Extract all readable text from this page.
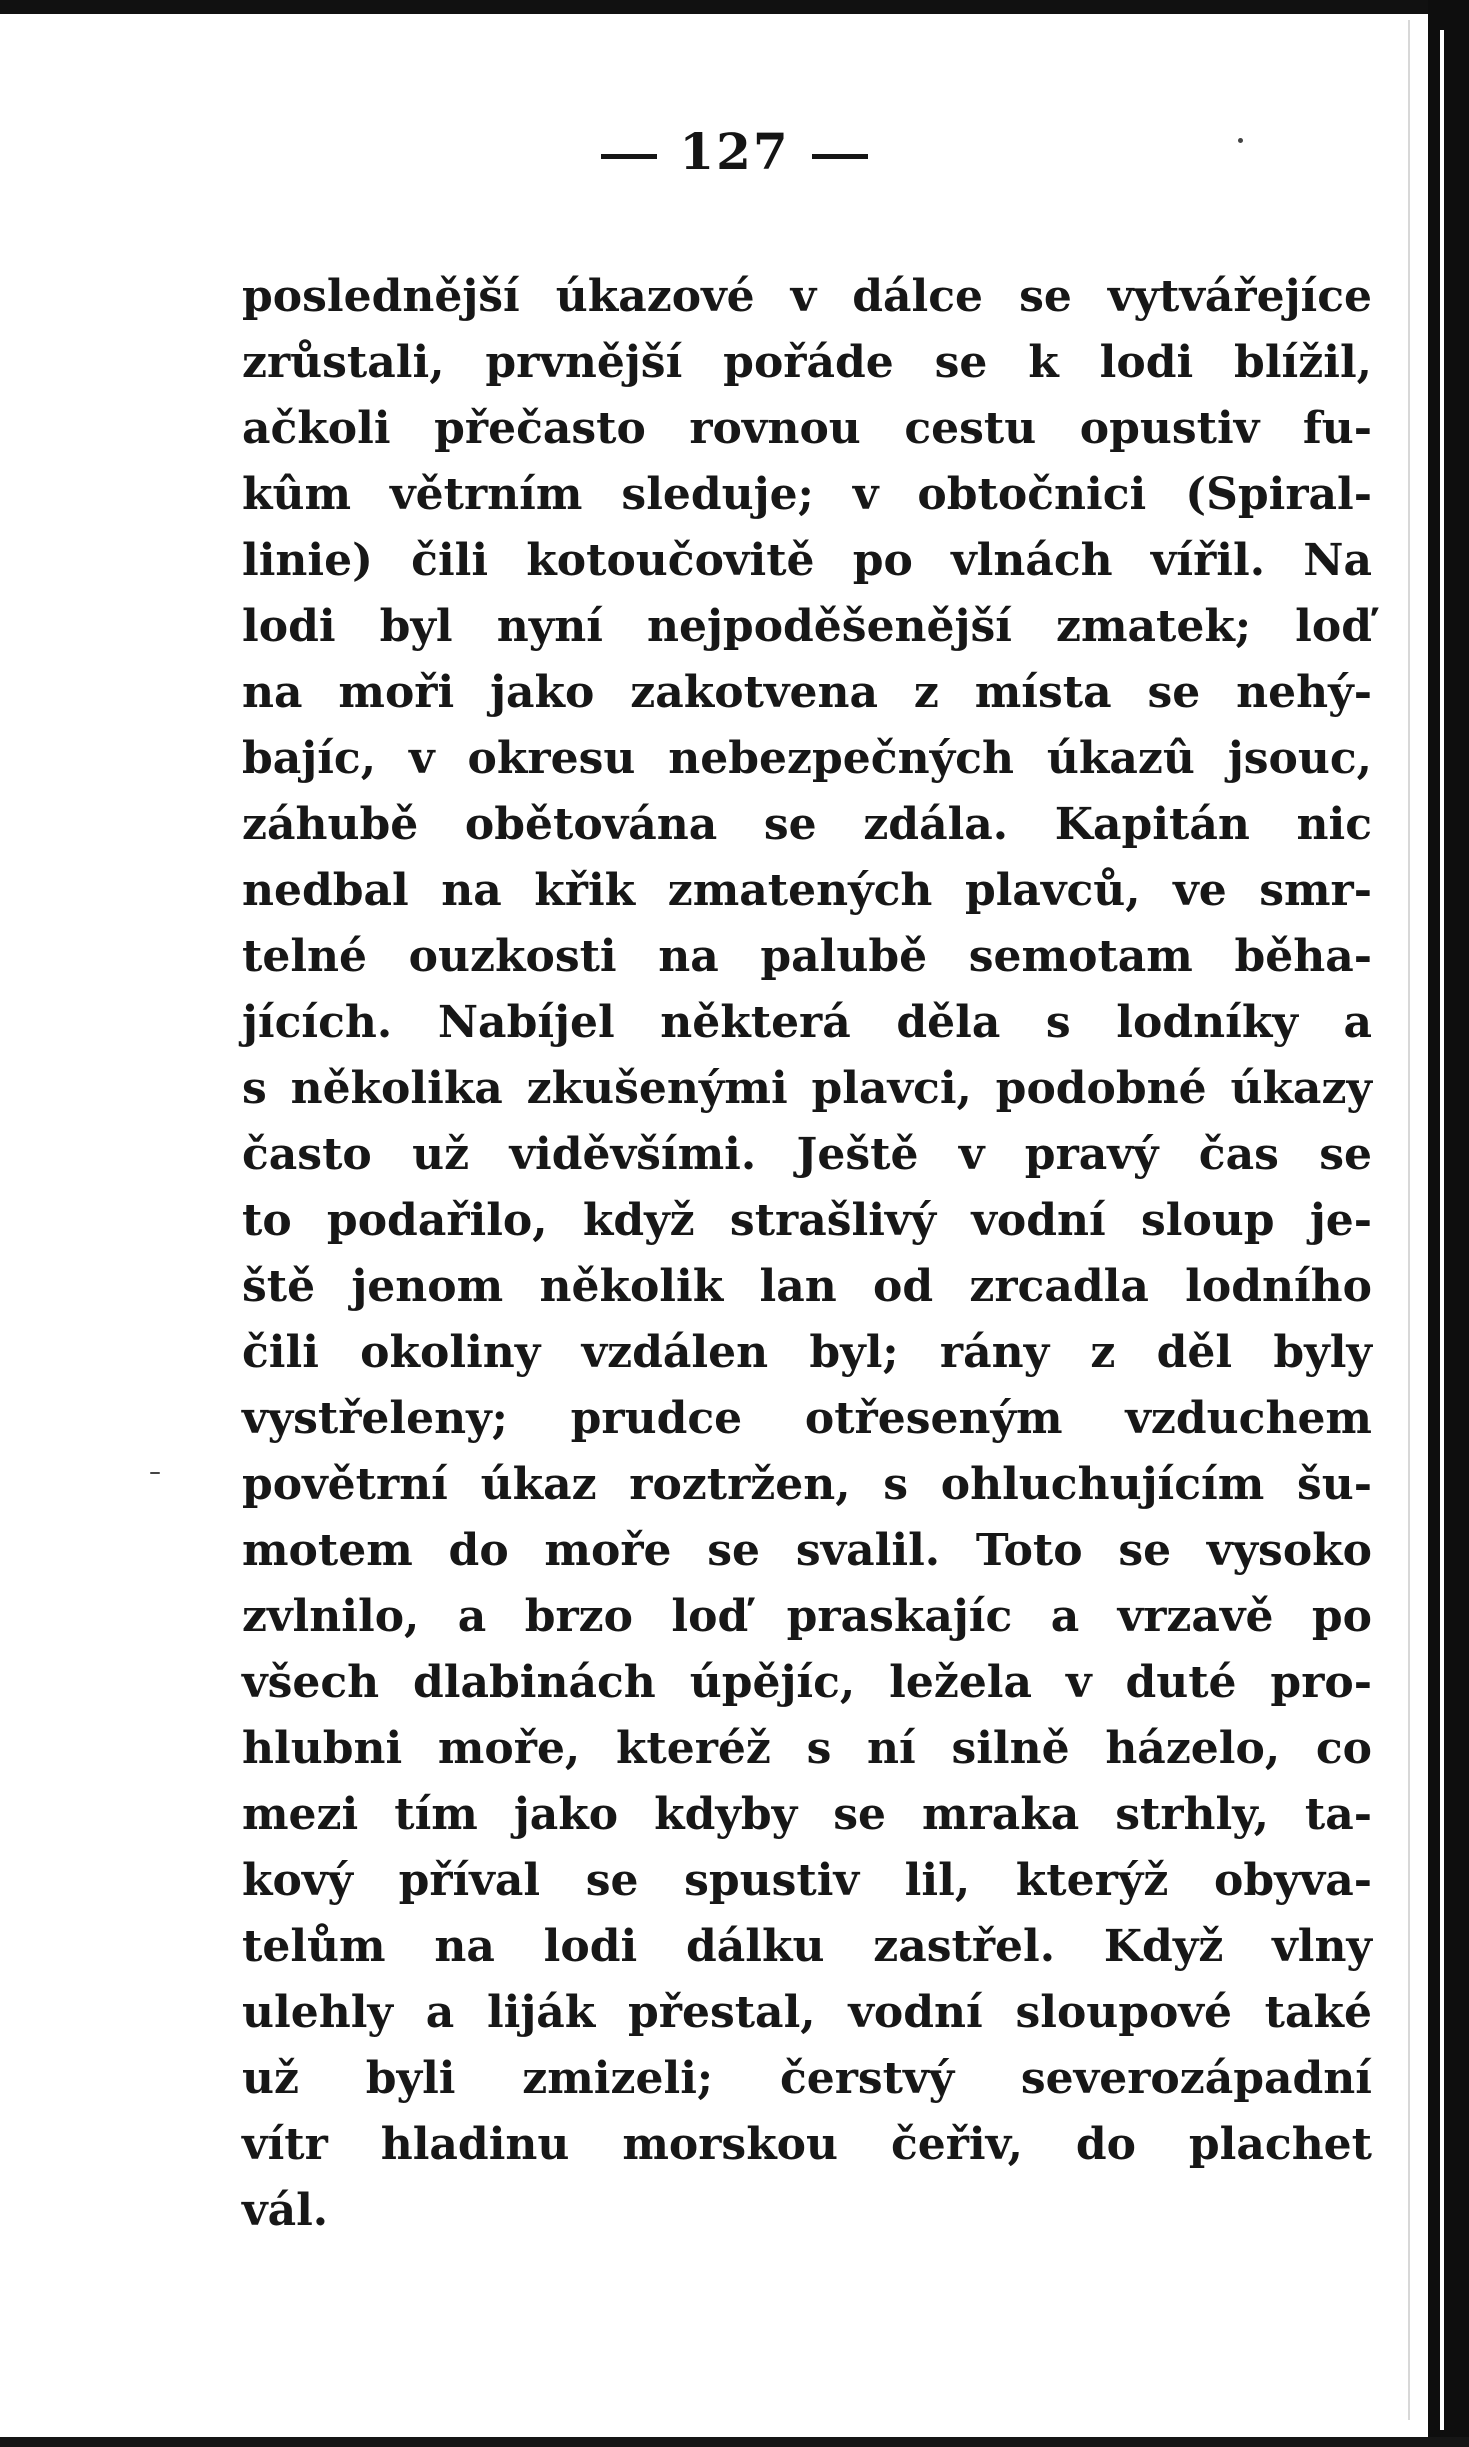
127
poslednější úkazové v dálce se vytvářejíce
zrůstali, prvnější pořáde se k lodi blížil,
ačkoli přečasto rovnou cestu opustiv fu-
kûm větrním sleduje; v obtočnici (Spiral-
linie) čili kotoučovitě po vlnách vířil. Na
lodi byl nyní nejpoděšenější zmatek; loď
na moři jako zakotvena z místa se nehý-
bajíc, v okresu nebezpečných úkazû jsouc,
záhubě obětována se zdála. Kapitán nic
nedbal na křik zmatených plavců, ve smr-
telné ouzkosti na palubě semotam běha-
jících. Nabíjel některá děla s lodníky a
s několika zkušenými plavci, podobné úkazy
často už viděvšími. Ještě v pravý čas se
to podařilo, když strašlivý vodní sloup je-
ště jenom několik lan od zrcadla lodního
čili okoliny vzdálen byl; rány z děl byly
vystřeleny; prudce otřeseným vzduchem
povětrní úkaz roztržen, s ohluchujícím šu-
motem do moře se svalil. Toto se vysoko
zvlnilo, a brzo loď praskajíc a vrzavě po
všech dlabinách úpějíc, ležela v duté pro-
hlubni moře, kteréž s ní silně házelo, co
mezi tím jako kdyby se mraka strhly, ta-
kový příval se spustiv lil, kterýž obyva-
telům na lodi dálku zastřel. Když vlny
ulehly a liják přestal, vodní sloupové také
už byli zmizeli; čerstvý severozápadní
vítr hladinu morskou čeřiv, do plachet
vál.
